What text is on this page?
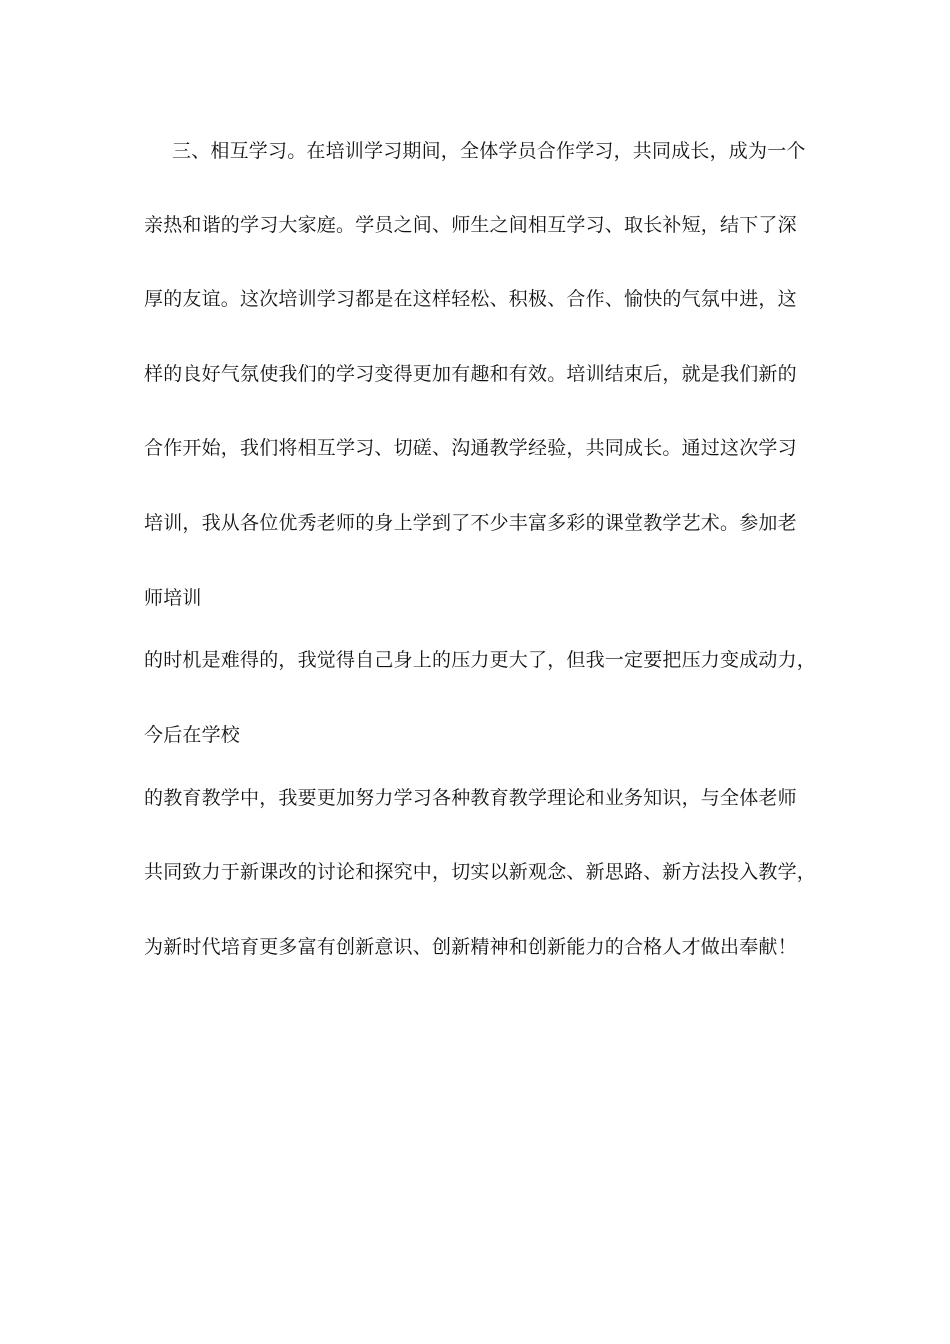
三、相互学习。在培训学习期间，全体学员合作学习，共同成长，成为一个
亲热和谐的学习大家庭。学员之间、师生之间相互学习、取长补短，结下了深
厚的友谊。这次培训学习都是在这样轻松、积极、合作、愉快的气氛中进，这
样的良好气氛使我们的学习变得更加有趣和有效。培训结束后，就是我们新的
合作开始，我们将相互学习、切磋、沟通教学经验，共同成长。通过这次学习
培训，我从各位优秀老师的身上学到了不少丰富多彩的课堂教学艺术。参加老
师培训
的时机是难得的，我觉得自己身上的压力更大了，但我一定要把压力变成动力，
今后在学校
的教育教学中，我要更加努力学习各种教育教学理论和业务知识，与全体老师
共同致力于新课改的讨论和探究中，切实以新观念、新思路、新方法投入教学，
为新时代培育更多富有创新意识、创新精神和创新能力的合格人才做出奉献！
